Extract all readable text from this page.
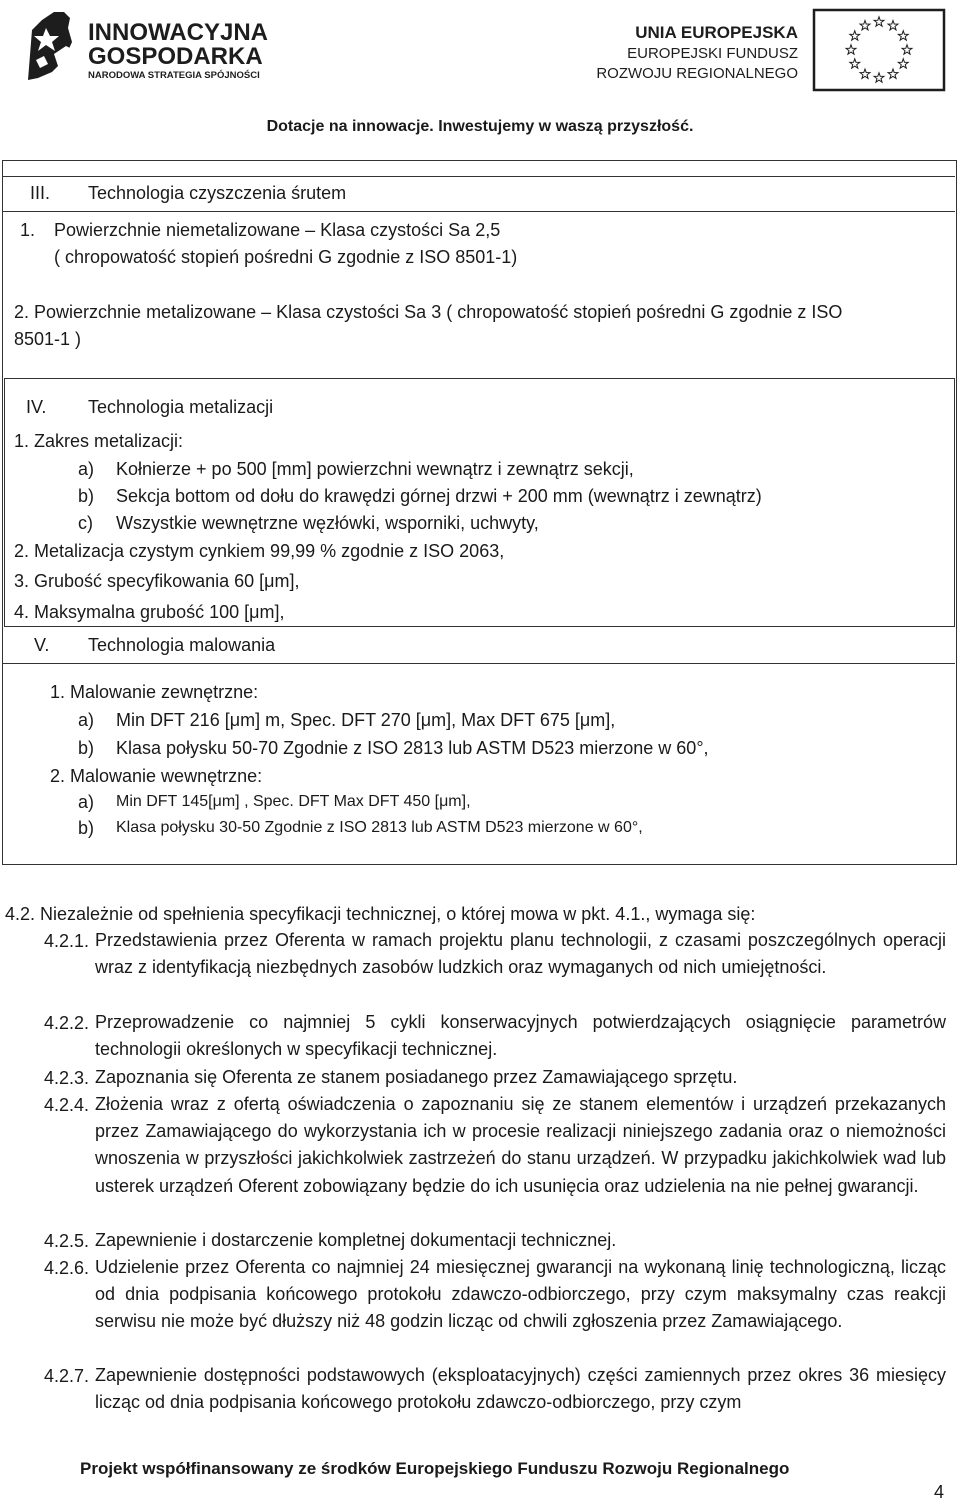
INNOWACYJNA
GOSPODARKA
NARODOWA STRATEGIA SPÓJNOŚCI
UNIA EUROPEJSKA
EUROPEJSKI FUNDUSZ
ROZWOJU REGIONALNEGO
Dotacje na innowacje. Inwestujemy w waszą przyszłość.
III. Technologia czyszczenia śrutem
1. Powierzchnie niemetalizowane – Klasa czystości Sa 2,5
( chropowatość stopień pośredni G zgodnie z ISO 8501-1)
2. Powierzchnie metalizowane – Klasa czystości Sa 3 ( chropowatość stopień pośredni G zgodnie z ISO
8501-1 )
IV. Technologia metalizacji
1. Zakres metalizacji:
a) Kołnierze + po 500 [mm] powierzchni wewnątrz i zewnątrz sekcji,
b) Sekcja bottom od dołu do krawędzi górnej drzwi + 200 mm (wewnątrz i zewnątrz)
c) Wszystkie wewnętrzne węzłówki, wsporniki, uchwyty,
2. Metalizacja czystym cynkiem 99,99 % zgodnie z ISO 2063,
3. Grubość specyfikowania 60 [μm],
4. Maksymalna grubość 100 [μm],
V. Technologia malowania
1. Malowanie zewnętrzne:
a) Min DFT 216 [μm] m, Spec. DFT 270 [μm], Max DFT 675 [μm],
b) Klasa połysku 50-70 Zgodnie z ISO 2813 lub ASTM D523 mierzone w 60°,
2. Malowanie wewnętrzne:
a) Min DFT 145[μm] , Spec. DFT Max DFT 450 [μm],
b) Klasa połysku 30-50 Zgodnie z ISO 2813 lub ASTM D523 mierzone w 60°,
4.2. Niezależnie od spełnienia specyfikacji technicznej, o której mowa w pkt. 4.1., wymaga się:
4.2.1. Przedstawienia przez Oferenta w ramach projektu planu technologii, z czasami poszczególnych operacji wraz z identyfikacją niezbędnych zasobów ludzkich oraz wymaganych od nich umiejętności.
4.2.2. Przeprowadzenie co najmniej 5 cykli konserwacyjnych potwierdzających osiągnięcie parametrów technologii określonych w specyfikacji technicznej.
4.2.3. Zapoznania się Oferenta ze stanem posiadanego przez Zamawiającego sprzętu.
4.2.4. Złożenia wraz z ofertą oświadczenia o zapoznaniu się ze stanem elementów i urządzeń przekazanych przez Zamawiającego do wykorzystania ich w procesie realizacji niniejszego zadania oraz o niemożności wnoszenia w przyszłości jakichkolwiek zastrzeżeń do stanu urządzeń. W przypadku jakichkolwiek wad lub usterek urządzeń Oferent zobowiązany będzie do ich usunięcia oraz udzielenia na nie pełnej gwarancji.
4.2.5. Zapewnienie i dostarczenie kompletnej dokumentacji technicznej.
4.2.6. Udzielenie przez Oferenta co najmniej 24 miesięcznej gwarancji na wykonaną linię technologiczną, licząc od dnia podpisania końcowego protokołu zdawczo-odbiorczego, przy czym maksymalny czas reakcji serwisu nie może być dłuższy niż 48 godzin licząc od chwili zgłoszenia przez Zamawiającego.
4.2.7. Zapewnienie dostępności podstawowych (eksploatacyjnych) części zamiennych przez okres 36 miesięcy licząc od dnia podpisania końcowego protokołu zdawczo-odbiorczego, przy czym
Projekt współfinansowany ze środków Europejskiego Funduszu Rozwoju Regionalnego
4
